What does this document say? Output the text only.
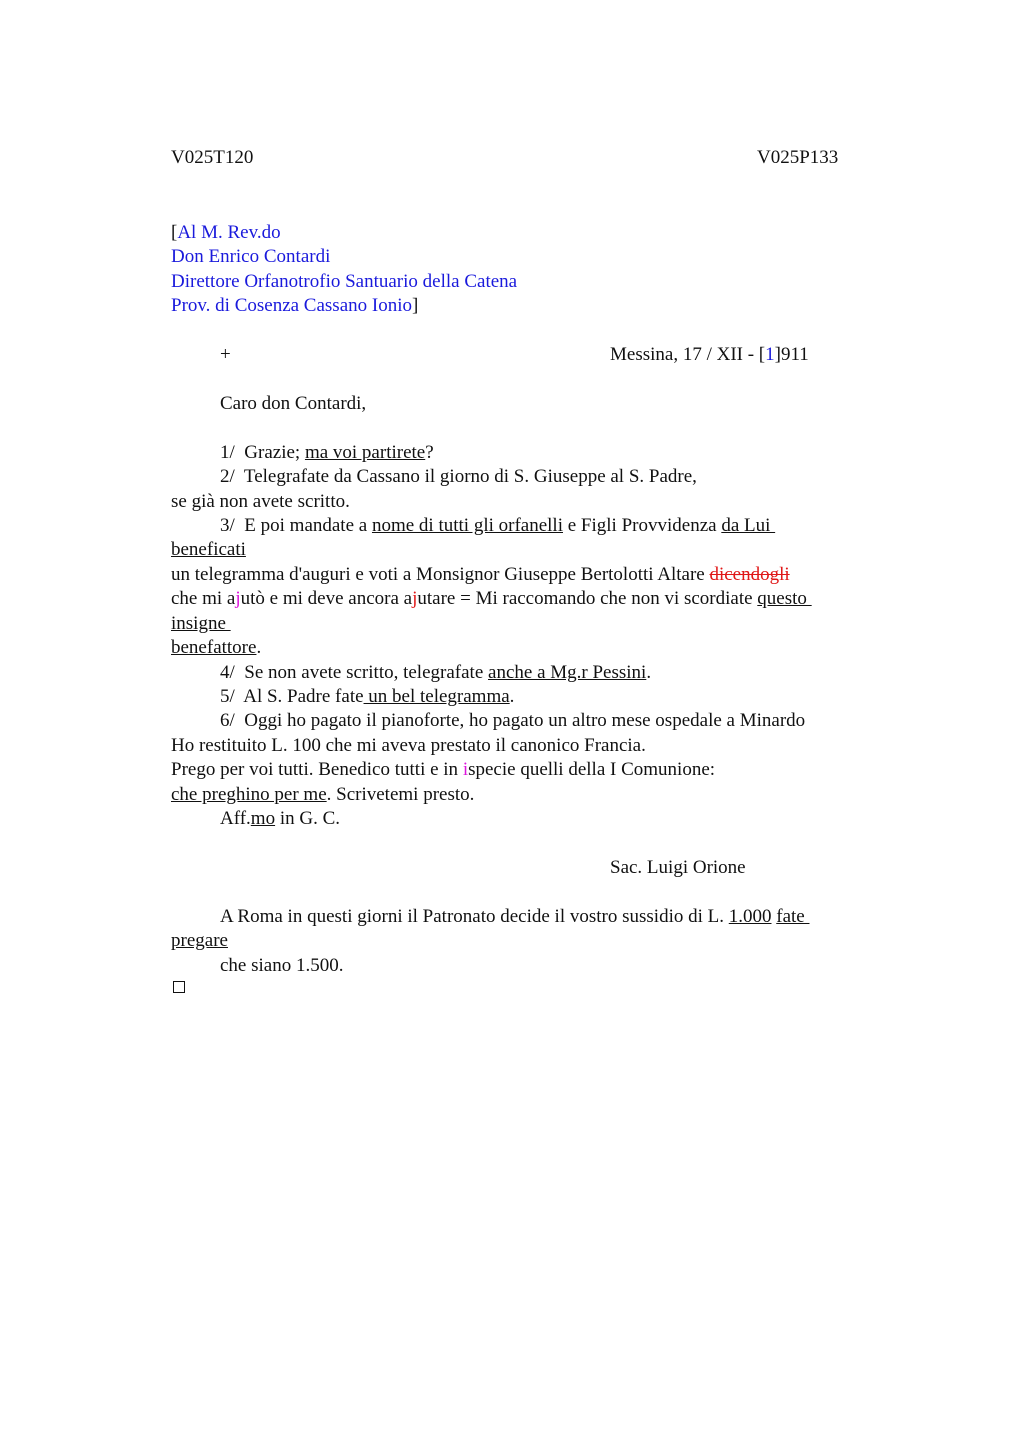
V025T120	V025P133
[Al M. Rev.do
Don Enrico Contardi
Direttore Orfanotrofio Santuario della Catena
Prov. di Cosenza Cassano Ionio]
+	Messina, 17 / XII - [1]911
Caro don Contardi,
1/  Grazie; ma voi partirete?
2/  Telegrafate da Cassano il giorno di S. Giuseppe al S. Padre,
se già non avete scritto.
3/  E poi mandate a nome di tutti gli orfanelli e Figli Provvidenza da Lui
beneficati
un telegramma d'auguri e voti a Monsignor Giuseppe Bertolotti Altare dicendogli
che mi ajutò e mi deve ancora ajutare = Mi raccomando che non vi scordiate questo
insigne
benefattore.
4/  Se non avete scritto, telegrafate anche a Mg.r Pessini.
5/  Al S. Padre fate un bel telegramma.
6/  Oggi ho pagato il pianoforte, ho pagato un altro mese ospedale a Minardo
Ho restituito L. 100 che mi aveva prestato il canonico Francia.
Prego per voi tutti. Benedico tutti e in ispecie quelli della I Comunione:
che preghino per me. Scrivetemi presto.
Aff.mo in G. C.
Sac. Luigi Orione
A Roma in questi giorni il Patronato decide il vostro sussidio di L. 1.000 fate
pregare
che siano 1.500.
